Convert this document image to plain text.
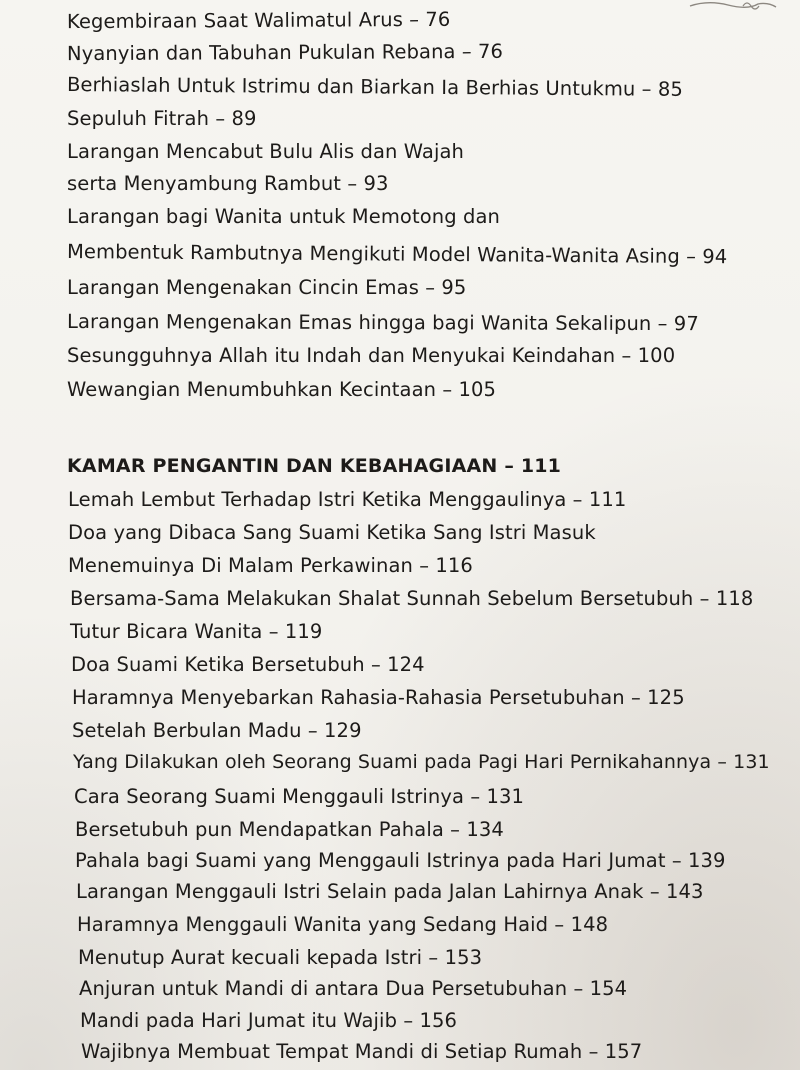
Kegembiraan Saat Walimatul Arus – 76
Nyanyian dan Tabuhan Pukulan Rebana – 76
Berhiaslah Untuk Istrimu dan Biarkan Ia Berhias Untukmu – 85
Sepuluh Fitrah – 89
Larangan Mencabut Bulu Alis dan Wajah
serta Menyambung Rambut – 93
Larangan bagi Wanita untuk Memotong dan
Membentuk Rambutnya Mengikuti Model Wanita-Wanita Asing – 94
Larangan Mengenakan Cincin Emas – 95
Larangan Mengenakan Emas hingga bagi Wanita Sekalipun – 97
Sesungguhnya Allah itu Indah dan Menyukai Keindahan – 100
Wewangian Menumbuhkan Kecintaan – 105
KAMAR PENGANTIN DAN KEBAHAGIAAN – 111
Lemah Lembut Terhadap Istri Ketika Menggaulinya – 111
Doa yang Dibaca Sang Suami Ketika Sang Istri Masuk
Menemuinya Di Malam Perkawinan – 116
Bersama-Sama Melakukan Shalat Sunnah Sebelum Bersetubuh – 118
Tutur Bicara Wanita – 119
Doa Suami Ketika Bersetubuh – 124
Haramnya Menyebarkan Rahasia-Rahasia Persetubuhan – 125
Setelah Berbulan Madu – 129
Yang Dilakukan oleh Seorang Suami pada Pagi Hari Pernikahannya – 131
Cara Seorang Suami Menggauli Istrinya – 131
Bersetubuh pun Mendapatkan Pahala – 134
Pahala bagi Suami yang Menggauli Istrinya pada Hari Jumat – 139
Larangan Menggauli Istri Selain pada Jalan Lahirnya Anak – 143
Haramnya Menggauli Wanita yang Sedang Haid – 148
Menutup Aurat kecuali kepada Istri – 153
Anjuran untuk Mandi di antara Dua Persetubuhan – 154
Mandi pada Hari Jumat itu Wajib – 156
Wajibnya Membuat Tempat Mandi di Setiap Rumah – 157
